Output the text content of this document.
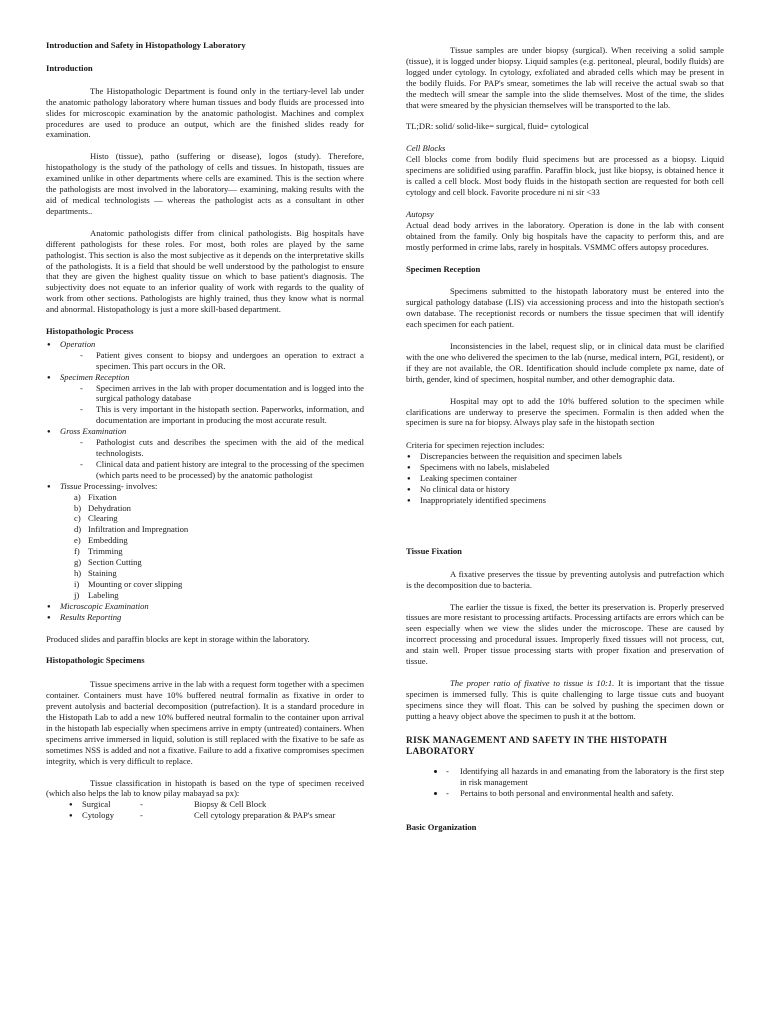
Introduction and Safety in Histopathology Laboratory
Introduction

The Histopathologic Department is found only in the tertiary-level lab under the anatomic pathology laboratory where human tissues and body fluids are processed into slides for microscopic examination by the anatomic pathologist. Machines and complex procedures are used to produce an output, which are the finished slides ready for examination.

Histo (tissue), patho (suffering or disease), logos (study). Therefore, histopathology is the study of the pathology of cells and tissues. In histopath, tissues are examined unlike in other departments where cells are examined. This is the section where the pathologists are most involved in the laboratory— examining, making results with the aid of medical technologists — whereas the pathologist acts as a consultant in other departments..

Anatomic pathologists differ from clinical pathologists. Big hospitals have different pathologists for these roles. For most, both roles are played by the same pathologist. This section is also the most subjective as it depends on the interpretative skills of the pathologists. It is a field that should be well understood by the pathologist to ensure that they are given the highest quality tissue on which to base patient's diagnosis. The subjectivity does not equate to an inferior quality of work with regards to the quality of work from other sections. Pathologists are highly trained, thus they know what is normal and abnormal. Histopathology is just a more skill-based department.

Histopathologic Process
● Operation
- Patient gives consent to biopsy and undergoes an operation to extract a specimen. This part occurs in the OR.
● Specimen Reception
- Specimen arrives in the lab with proper documentation and is logged into the surgical pathology database
- This is very important in the histopath section. Paperworks, information, and documentation are important in producing the most accurate result.
● Gross Examination
- Pathologist cuts and describes the specimen with the aid of the medical technologists.
- Clinical data and patient history are integral to the processing of the specimen (which parts need to be processed) by the anatomic pathologist
● Tissue Processing- involves:
a) Fixation
b) Dehydration
c) Clearing
d) Infiltration and Impregnation
e) Embedding
f) Trimming
g) Section Cutting
h) Staining
i) Mounting or cover slipping
j) Labeling
● Microscopic Examination
● Results Reporting

Produced slides and paraffin blocks are kept in storage within the laboratory.

Histopathologic Specimens

Tissue specimens arrive in the lab with a request form together with a specimen container. Containers must have 10% buffered neutral formalin as fixative in order to prevent autolysis and bacterial decomposition (putrefaction). It is a standard procedure in the Histopath Lab to add a new 10% buffered neutral formalin to the container upon arrival in the histopath lab especially when specimens arrive in empty (untreated) containers. When specimens arrive immersed in liquid, solution is still replaced with the fixative to be safe as sometimes NSS is added and not a fixative. Failure to add a fixative compromises specimen integrity, which is very difficult to replace.

Tissue classification in histopath is based on the type of specimen received (which also helps the lab to know pilay mabayad sa px):

● Surgical	-	Biopsy & Cell Block
● Cytology	-	Cell cytology preparation & PAP's smear

Tissue samples are under biopsy (surgical). When receiving a solid sample (tissue), it is logged under biopsy. Liquid samples (e.g. peritoneal, pleural, bodily fluids) are logged under cytology. In cytology, exfoliated and abraded cells which may be present in the bodily fluids. For PAP's smear, sometimes the lab will receive the actual swab so that the medtech will smear the sample into the slide themselves. Most of the time, the slides that were smeared by the physician themselves will be transported to the lab.

TL;DR: solid/ solid-like= surgical, fluid= cytological

Cell Blocks

Cell blocks come from bodily fluid specimens but are processed as a biopsy. Liquid specimens are solidified using paraffin. Paraffin block, just like biopsy, is obtained hence it is called a cell block. Most body fluids in the histopath section are requested for both cell cytology and cell block. Favorite procedure ni ni sir <33

Autopsy

Actual dead body arrives in the laboratory. Operation is done in the lab with consent obtained from the family. Only big hospitals have the capacity to perform this, and are mostly performed in crime labs, rarely in hospitals. VSMMC offers autopsy procedures.

Specimen Reception

Specimens submitted to the histopath laboratory must be entered into the surgical pathology database (LIS) via accessioning process and into the histopath section's own database. The receptionist records or numbers the tissue specimen that will identify each specimen for each patient.

Inconsistencies in the label, request slip, or in clinical data must be clarified with the one who delivered the specimen to the lab (nurse, medical intern, PGI, resident), or if they are not available, the OR. Identification should include complete px name, date of birth, gender, kind of specimen, hospital number, and other demographic data.

Hospital may opt to add the 10% buffered solution to the specimen while clarifications are underway to preserve the specimen. Formalin is then added when the specimen is sure na for biopsy. Always play safe in the histopath section

Criteria for specimen rejection includes:

● Discrepancies between the requisition and specimen labels
● Specimens with no labels, mislabeled
● Leaking specimen container
● No clinical data or history
● Inappropriately identified specimens
Tissue Fixation

A fixative preserves the tissue by preventing autolysis and putrefaction which is the decomposition due to bacteria.

The earlier the tissue is fixed, the better its preservation is. Properly preserved tissues are more resistant to processing artifacts. Processing artifacts are errors which can be seen especially when we view the slides under the microscope. These are caused by incorrect processing and procedural issues. Improperly fixed tissues will not process, cut, and stain well. Proper tissue processing starts with proper fixation and preservation of tissue.

The proper ratio of fixative to tissue is 10:1. It is important that the tissue specimen is immersed fully. This is quite challenging to large tissue cuts and buoyant specimens since they will float. This can be solved by pushing the specimen down or putting a heavy object above the specimen to push it at the bottom.

RISK MANAGEMENT AND SAFETY IN THE HISTOPATH LABORATORY
- • Identifying all hazards in and emanating from the laboratory is the first step in risk management
- • Pertains to both personal and environmental health and safety.
Basic Organization
